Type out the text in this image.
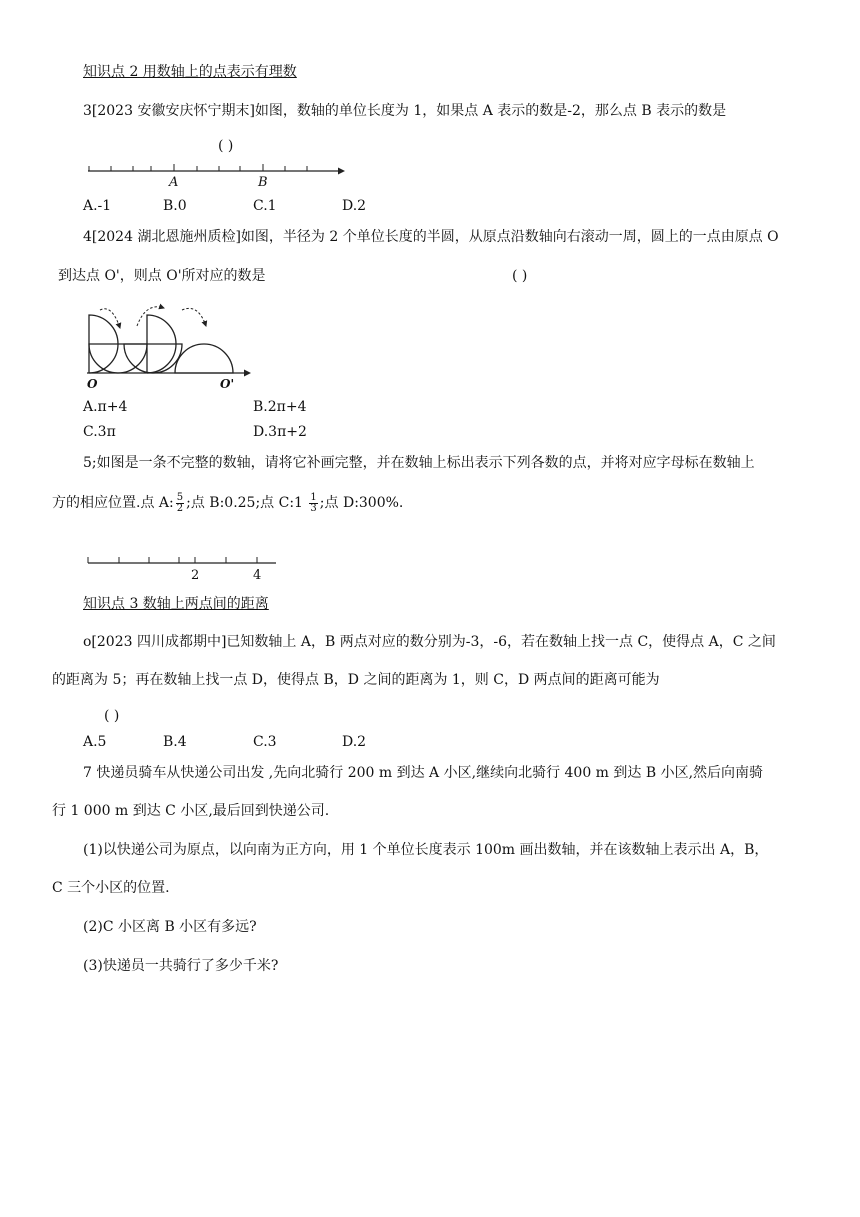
知识点 2 用数轴上的点表示有理数
3[2023 安徽安庆怀宁期末]如图，数轴的单位长度为 1，如果点 A 表示的数是-2，那么点 B 表示的数是
( )
A	B
A.-1	B.0	C.1	D.2
4[2024 湖北恩施州质检]如图，半径为 2 个单位长度的半圆，从原点沿数轴向右滚动一周，圆上的一点由原点 O
到达点 O'，则点 O'所对应的数是	( )
O	O'
A.π+4	B.2π+4
C.3π	D.3π+2
5;如图是一条不完整的数轴，请将它补画完整，并在数轴上标出表示下列各数的点，并将对应字母标在数轴上
方的相应位置.点 A: $\frac{5}{2}$ ;点 B:0.25;点 C:1 $\frac{1}{3}$ ;点 D:300%.
2	4
知识点 3 数轴上两点间的距离
o[2023 四川成都期中]已知数轴上 A，B 两点对应的数分别为-3，-6，若在数轴上找一点 C，使得点 A，C 之间
的距离为 5；再在数轴上找一点 D，使得点 B，D 之间的距离为 1，则 C，D 两点间的距离可能为
( )
A.5	B.4	C.3	D.2
7 快递员骑车从快递公司出发 ,先向北骑行 200 m 到达 A 小区,继续向北骑行 400 m 到达 B 小区,然后向南骑
行 1 000 m 到达 C 小区,最后回到快递公司.
(1)以快递公司为原点，以向南为正方向，用 1 个单位长度表示 100m 画出数轴，并在该数轴上表示出 A，B，
C 三个小区的位置.
(2)C 小区离 B 小区有多远?
(3)快递员一共骑行了多少千米?
